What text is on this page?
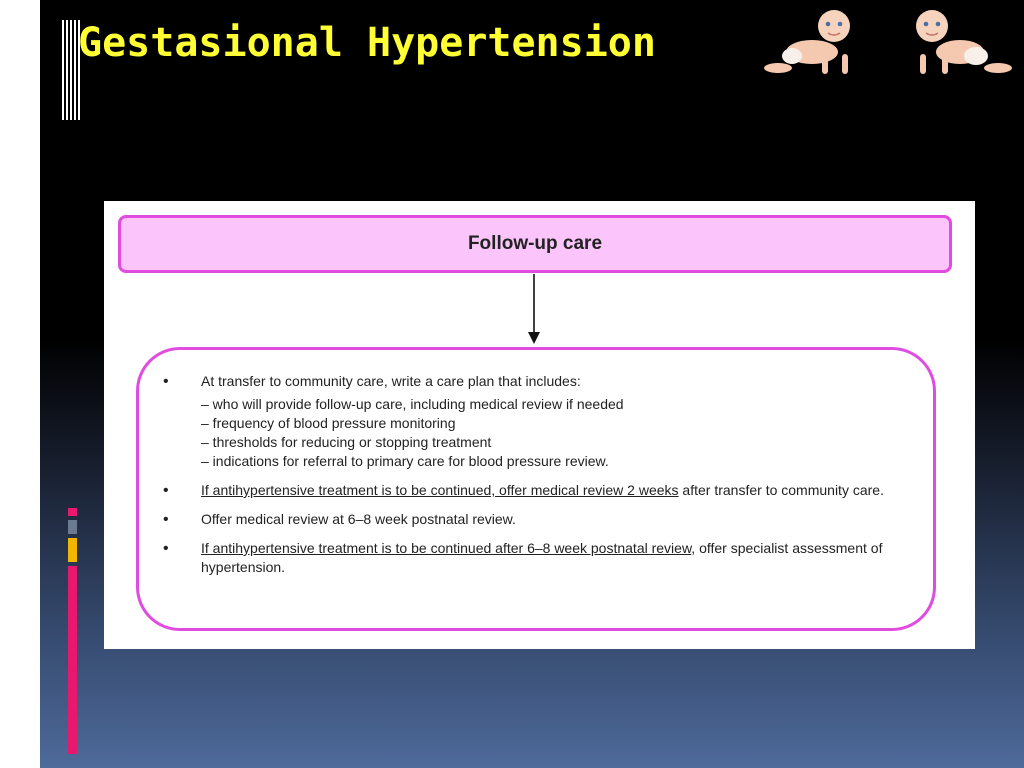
Gestasional Hypertension
Follow-up care
• At transfer to community care, write a care plan that includes:
– who will provide follow-up care, including medical review if needed
– frequency of blood pressure monitoring
– thresholds for reducing or stopping treatment
– indications for referral to primary care for blood pressure review.
• If antihypertensive treatment is to be continued, offer medical review 2 weeks after transfer to community care.
• Offer medical review at 6–8 week postnatal review.
• If antihypertensive treatment is to be continued after 6–8 week postnatal review, offer specialist assessment of hypertension.
